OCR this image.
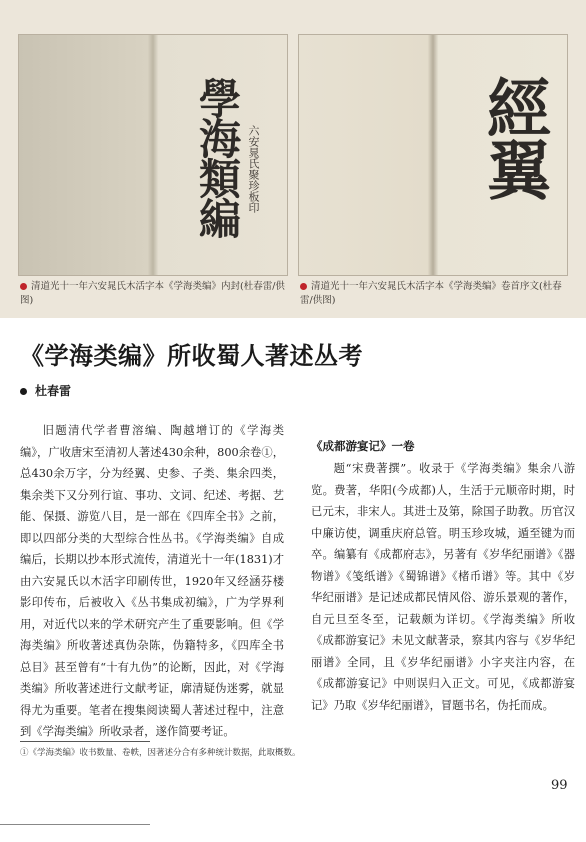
學海類編 六安晁氏聚珍板印	經翼
清道光十一年六安晁氏木活字本《学海类编》内封(杜春雷/供图)
清道光十一年六安晁氏木活字本《学海类编》卷首序文(杜春雷/供图)
《学海类编》所收蜀人著述丛考
杜春雷

旧题清代学者曹溶编、陶越增订的《学海类编》，广收唐宋至清初人著述430余种，800余卷①，总430余万字，分为经翼、史参、子类、集余四类，集余类下又分列行谊、事功、文词、纪述、考据、艺能、保摄、游览八目，是一部在《四库全书》之前，即以四部分类的大型综合性丛书。《学海类编》自成编后，长期以抄本形式流传，清道光十一年(1831)才由六安晁氏以木活字印刷传世，1920年又经涵芬楼影印传布，后被收入《丛书集成初编》，广为学界利用，对近代以来的学术研究产生了重要影响。但《学海类编》所收著述真伪杂陈，伪籍特多，《四库全书总目》甚至曾有“十有九伪”的论断，因此，对《学海类编》所收著述进行文献考证，廓清疑伪迷雾，就显得尤为重要。笔者在搜集阅读蜀人著述过程中，注意到《学海类编》所收录者，遂作简要考证。

《成都游宴记》一卷

题“宋费著撰”。收录于《学海类编》集余八游览。费著，华阳(今成都)人，生活于元顺帝时期，时已元末，非宋人。其进士及第，除国子助教。历官汉中廉访使，调重庆府总管。明玉珍攻城，遁至键为而卒。编纂有《成都府志》，另著有《岁华纪丽谱》《器物谱》《笺纸谱》《蜀锦谱》《楮币谱》等。其中《岁华纪丽谱》是记述成都民情风俗、游乐景观的著作，自元旦至冬至，记载颇为详切。《学海类编》所收《成都游宴记》未见文献著录，察其内容与《岁华纪丽谱》全同，且《岁华纪丽谱》小字夹注内容，在《成都游宴记》中则误归入正文。可见，《成都游宴记》乃取《岁华纪丽谱》，冒题书名，伪托而成。

①《学海类编》收书数量、卷帙，因著述分合有多种统计数据，此取概数。
99
